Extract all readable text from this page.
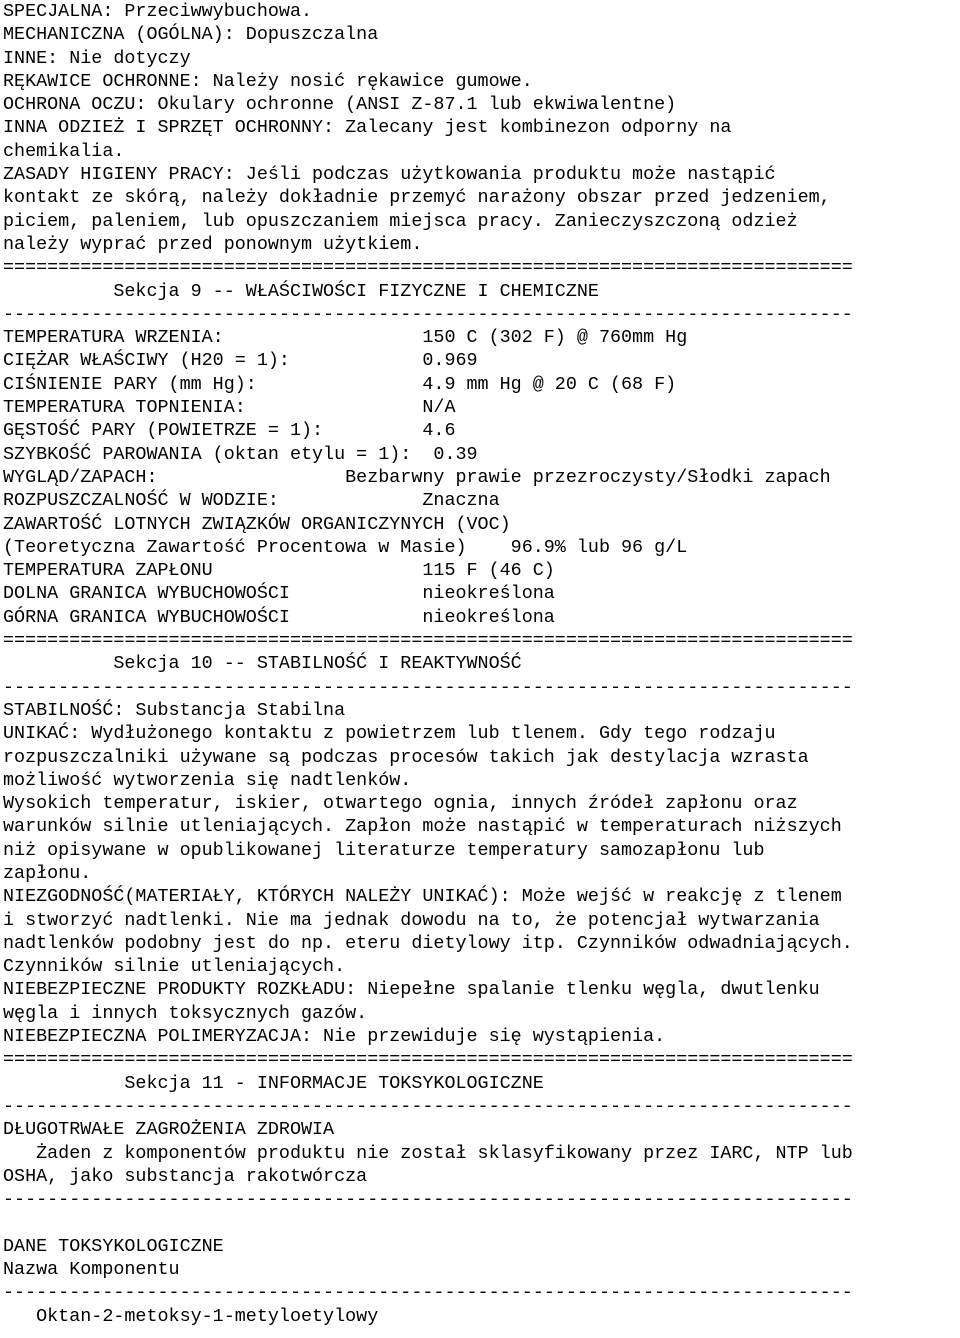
SPECJALNA: Przeciwwybuchowa.
MECHANICZNA (OGÓLNA): Dopuszczalna
INNE: Nie dotyczy
RĘKAWICE OCHRONNE: Należy nosić rękawice gumowe.
OCHRONA OCZU: Okulary ochronne (ANSI Z-87.1 lub ekwiwalentne)
INNA ODZIEŻ I SPRZĘT OCHRONNY: Zalecany jest kombinezon odporny na
chemikalia.
ZASADY HIGIENY PRACY: Jeśli podczas użytkowania produktu może nastąpić
kontakt ze skórą, należy dokładnie przemyć narażony obszar przed jedzeniem,
piciem, paleniem, lub opuszczaniem miejsca pracy. Zanieczyszczoną odzież
należy wyprać przed ponownym użytkiem.
=============================================================================
Sekcja 9 -- WŁAŚCIWOŚCI FIZYCZNE I CHEMICZNE
-----------------------------------------------------------------------------
TEMPERATURA WRZENIA:                  150 C (302 F) @ 760mm Hg
CIĘŻAR WŁAŚCIWY (H20 = 1):            0.969
CIŚNIENIE PARY (mm Hg):               4.9 mm Hg @ 20 C (68 F)
TEMPERATURA TOPNIENIA:                N/A
GĘSTOŚĆ PARY (POWIETRZE = 1):         4.6
SZYBKOŚĆ PAROWANIA (oktan etylu = 1):  0.39
WYGLĄD/ZAPACH:                 Bezbarwny prawie przezroczysty/Słodki zapach
ROZPUSZCZALNOŚĆ W WODZIE:             Znaczna
ZAWARTOŚĆ LOTNYCH ZWIĄZKÓW ORGANICZYNYCH (VOC)
(Teoretyczna Zawartość Procentowa w Masie)    96.9% lub 96 g/L
TEMPERATURA ZAPŁONU                   115 F (46 C)
DOLNA GRANICA WYBUCHOWOŚCI            nieokreślona
GÓRNA GRANICA WYBUCHOWOŚCI            nieokreślona
=============================================================================
Sekcja 10 -- STABILNOŚĆ I REAKTYWNOŚĆ
-----------------------------------------------------------------------------
STABILNOŚĆ: Substancja Stabilna
UNIKAĆ: Wydłużonego kontaktu z powietrzem lub tlenem. Gdy tego rodzaju
rozpuszczalniki używane są podczas procesów takich jak destylacja wzrasta
możliwość wytworzenia się nadtlenków.
Wysokich temperatur, iskier, otwartego ognia, innych źródeł zapłonu oraz
warunków silnie utleniających. Zapłon może nastąpić w temperaturach niższych
niż opisywane w opublikowanej literaturze temperatury samozapłonu lub
zapłonu.
NIEZGODNOŚĆ(MATERIAŁY, KTÓRYCH NALEŻY UNIKAĆ): Może wejść w reakcję z tlenem
i stworzyć nadtlenki. Nie ma jednak dowodu na to, że potencjał wytwarzania
nadtlenków podobny jest do np. eteru dietylowy itp. Czynników odwadniających.
Czynników silnie utleniających.
NIEBEZPIECZNE PRODUKTY ROZKŁADU: Niepełne spalanie tlenku węgla, dwutlenku
węgla i innych toksycznych gazów.
NIEBEZPIECZNA POLIMERYZACJA: Nie przewiduje się wystąpienia.
=============================================================================
Sekcja 11 - INFORMACJE TOKSYKOLOGICZNE
-----------------------------------------------------------------------------
DŁUGOTRWAŁE ZAGROŻENIA ZDROWIA
Żaden z komponentów produktu nie został sklasyfikowany przez IARC, NTP lub
OSHA, jako substancja rakotwórcza
-----------------------------------------------------------------------------
DANE TOKSYKOLOGICZNE
Nazwa Komponentu
-----------------------------------------------------------------------------
Oktan-2-metoksy-1-metyloetylowy
